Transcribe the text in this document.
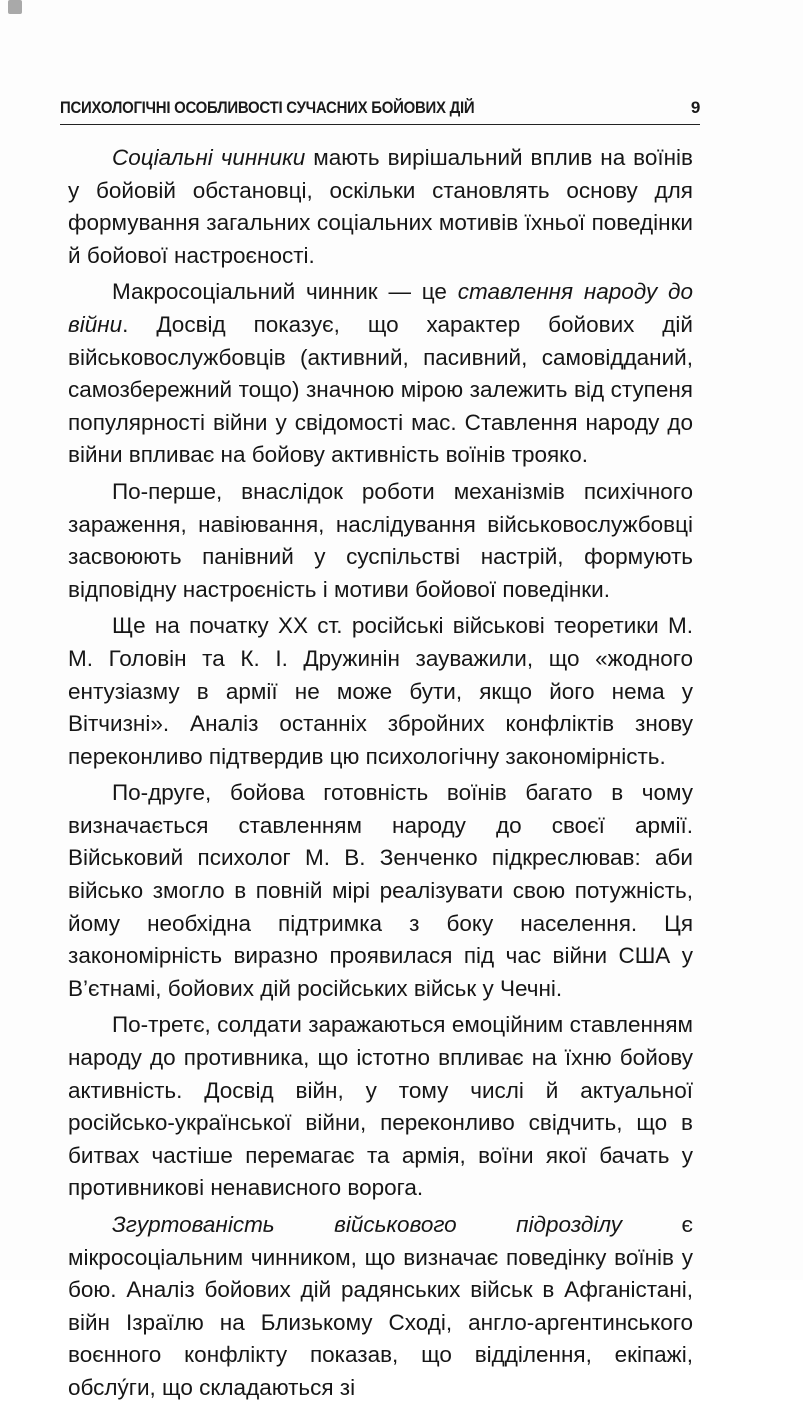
ПСИХОЛОГІЧНІ ОСОБЛИВОСТІ СУЧАСНИХ БОЙОВИХ ДІЙ	9

Соціальні чинники мають вирішальний вплив на воїнів у бойовій обстановці, оскільки становлять основу для формування загальних соціальних мотивів їхньої поведінки й бойової настроєності.

Макросоціальний чинник — це ставлення народу до війни. Досвід показує, що характер бойових дій військовослужбовців (активний, пасивний, самовідданий, самозбережний тощо) значною мірою залежить від ступеня популярності війни у свідомості мас. Ставлення народу до війни впливає на бойову активність воїнів трояко.

По-перше, внаслідок роботи механізмів психічного зараження, навіювання, наслідування військовослужбовці засвоюють панівний у суспільстві настрій, формують відповідну настроєність і мотиви бойової поведінки.

Ще на початку XX ст. російські військові теоретики М. М. Головін та К. І. Дружинін зауважили, що «жодного ентузіазму в армії не може бути, якщо його нема у Вітчизні». Аналіз останніх збройних конфліктів знову переконливо підтвердив цю психологічну закономірність.

По-друге, бойова готовність воїнів багато в чому визначається ставленням народу до своєї армії. Військовий психолог М. В. Зенченко підкреслював: аби військо змогло в повній мірі реалізувати свою потужність, йому необхідна підтримка з боку населення. Ця закономірність виразно проявилася під час війни США у В’єтнамі, бойових дій російських військ у Чечні.

По-третє, солдати заражаються емоційним ставленням народу до противника, що істотно впливає на їхню бойову активність. Досвід війн, у тому числі й актуальної російсько-української війни, переконливо свідчить, що в битвах частіше перемагає та армія, воїни якої бачать у противникові ненависного ворога.

Згуртованість військового підрозділу є мікросоціальним чинником, що визначає поведінку воїнів у бою. Аналіз бойових дій радянських військ в Афганістані, війн Ізраїлю на Близькому Сході, англо-аргентинського воєнного конфлікту показав, що відділення, екіпажі, обслу́ги, що складаються зі
